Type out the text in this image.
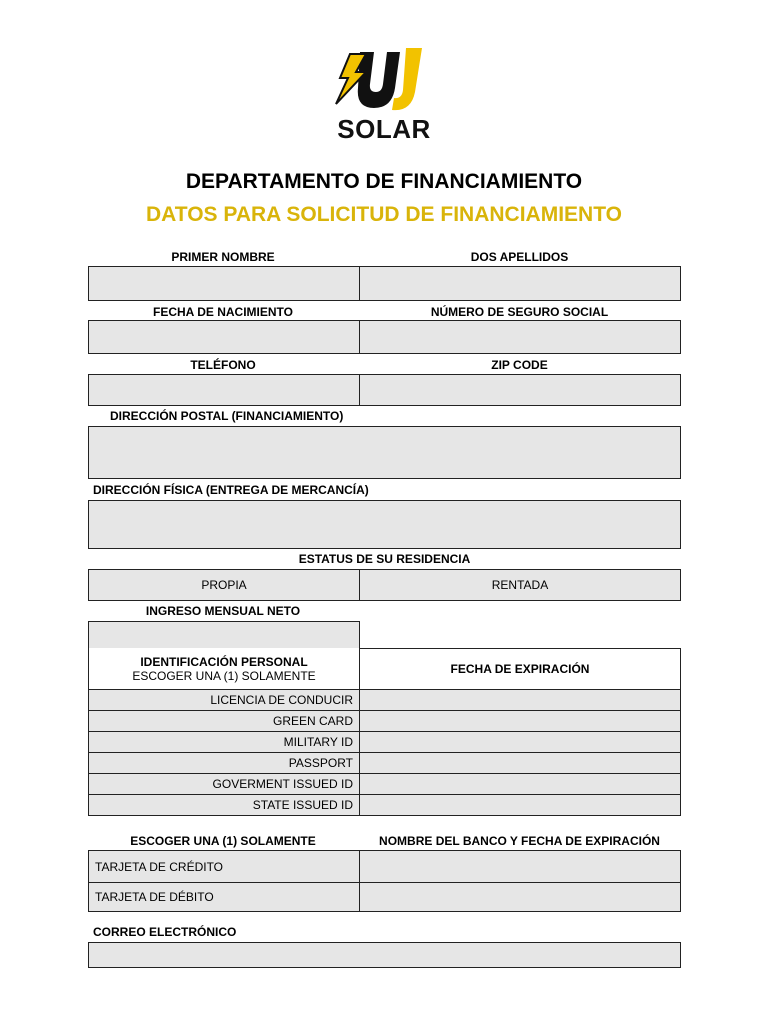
SOLAR
DEPARTAMENTO DE FINANCIAMIENTO
DATOS PARA SOLICITUD DE FINANCIAMIENTO
PRIMER NOMBRE	DOS APELLIDOS
FECHA DE NACIMIENTO	NÚMERO DE SEGURO SOCIAL
TELÉFONO	ZIP CODE
DIRECCIÓN POSTAL (FINANCIAMIENTO)
DIRECCIÓN FÍSICA (ENTREGA DE MERCANCÍA)
ESTATUS DE SU RESIDENCIA
PROPIA	RENTADA
INGRESO MENSUAL NETO
IDENTIFICACIÓN PERSONAL
ESCOGER UNA (1) SOLAMENTE	FECHA DE EXPIRACIÓN
LICENCIA DE CONDUCIR
GREEN CARD
MILITARY ID
PASSPORT
GOVERMENT ISSUED ID
STATE ISSUED ID
ESCOGER UNA (1) SOLAMENTE	NOMBRE DEL BANCO Y FECHA DE EXPIRACIÓN
TARJETA DE CRÉDITO
TARJETA DE DÉBITO
CORREO ELECTRÓNICO
